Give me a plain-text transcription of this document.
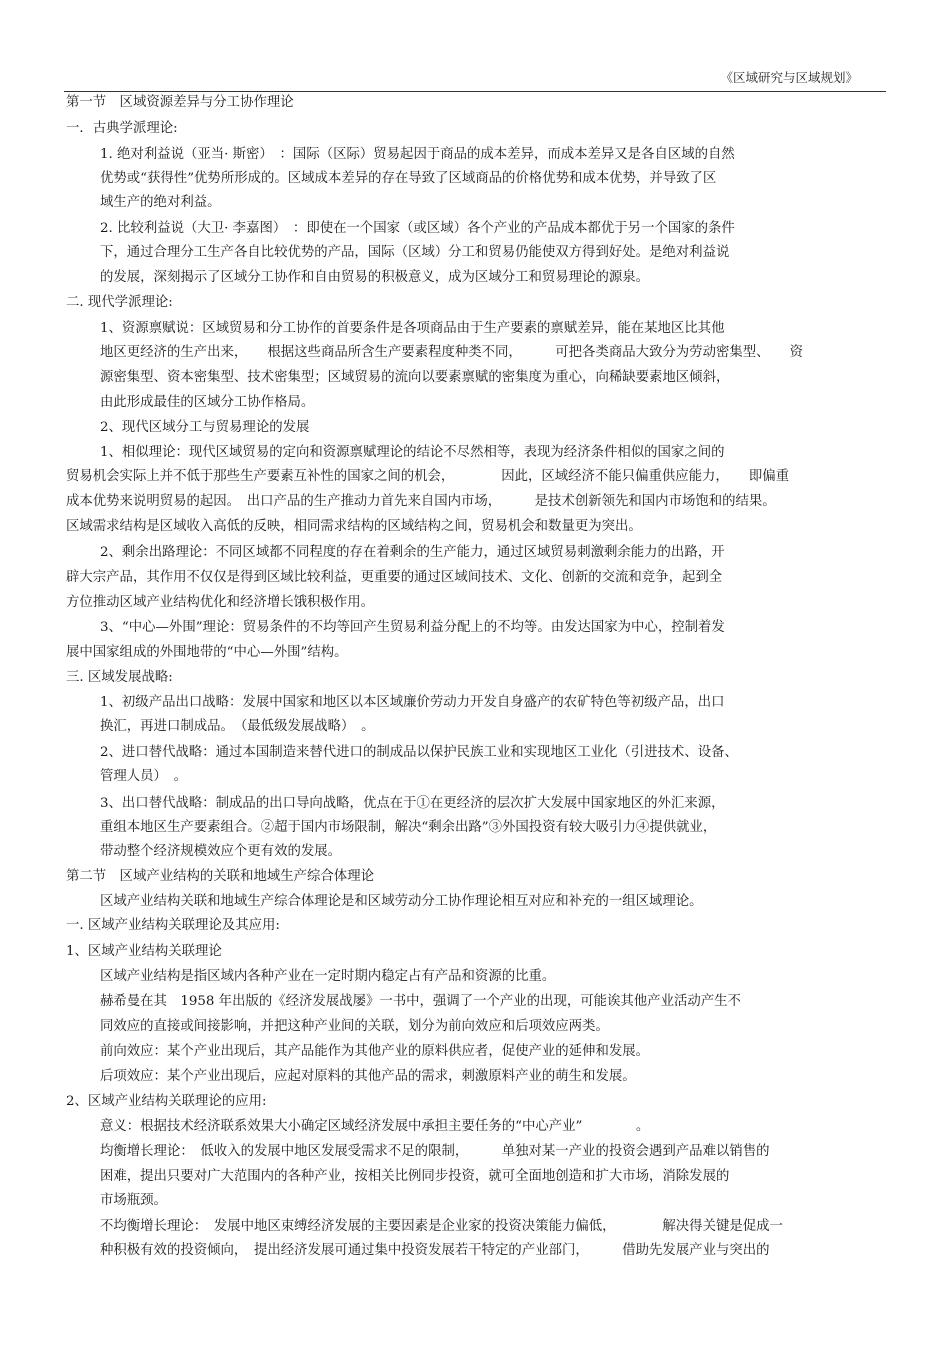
《区域研究与区域规划》
第一节　区域资源差异与分工协作理论
一．古典学派理论:
1. 绝对利益说（亚当· 斯密）　：国际（区际）贸易起因于商品的成本差异，而成本差异又是各自区域的自然
优势或“获得性”优势所形成的。区域成本差异的存在导致了区域商品的价格优势和成本优势，并导致了区
域生产的绝对利益。
2. 比较利益说（大卫· 李嘉图）　：即使在一个国家（或区域）各个产业的产品成本都优于另一个国家的条件
下，通过合理分工生产各自比较优势的产品，国际（区域）分工和贸易仍能使双方得到好处。是绝对利益说
的发展，深刻揭示了区域分工协作和自由贸易的积极意义，成为区域分工和贸易理论的源泉。
二. 现代学派理论:
1、资源禀赋说：区域贸易和分工协作的首要条件是各项商品由于生产要素的禀赋差异，能在某地区比其他
地区更经济的生产出来，　　根据这些商品所含生产要素程度种类不同，　　　可把各类商品大致分为劳动密集型、　　资
源密集型、资本密集型、技术密集型；区域贸易的流向以要素禀赋的密集度为重心，向稀缺要素地区倾斜，
由此形成最佳的区域分工协作格局。
2、现代区域分工与贸易理论的发展
1、相似理论：现代区域贸易的定向和资源禀赋理论的结论不尽然相等，表现为经济条件相似的国家之间的
贸易机会实际上并不低于那些生产要素互补性的国家之间的机会，　　　　因此，区域经济不能只偏重供应能力，　　即偏重
成本优势来说明贸易的起因。　出口产品的生产推动力首先来自国内市场，　　　是技术创新领先和国内市场饱和的结果。
区域需求结构是区域收入高低的反映，相同需求结构的区域结构之间，贸易机会和数量更为突出。
2、剩余出路理论：不同区域都不同程度的存在着剩余的生产能力，通过区域贸易刺激剩余能力的出路，开
辟大宗产品，其作用不仅仅是得到区域比较利益，更重要的通过区域间技术、文化、创新的交流和竞争，起到全
方位推动区域产业结构优化和经济增长饿积极作用。
3、“中心—外围”理论：贸易条件的不均等回产生贸易利益分配上的不均等。由发达国家为中心，控制着发
展中国家组成的外围地带的“中心—外围”结构。
三. 区域发展战略:
1、初级产品出口战略：发展中国家和地区以本区域廉价劳动力开发自身盛产的农矿特色等初级产品，出口
换汇，再进口制成品。　（最低级发展战略）　。
2、进口替代战略：通过本国制造来替代进口的制成品以保护民族工业和实现地区工业化（引进技术、设备、
管理人员）　。
3、出口替代战略：制成品的出口导向战略，优点在于①在更经济的层次扩大发展中国家地区的外汇来源，
重组本地区生产要素组合。②超于国内市场限制，解决“剩余出路”③外国投资有较大吸引力④提供就业，
带动整个经济规模效应个更有效的发展。
第二节　区域产业结构的关联和地域生产综合体理论
区域产业结构关联和地域生产综合体理论是和区域劳动分工协作理论相互对应和补充的一组区域理论。
一. 区域产业结构关联理论及其应用:
1、区域产业结构关联理论
区域产业结构是指区域内各种产业在一定时期内稳定占有产品和资源的比重。
赫希曼在其　1958 年出版的《经济发展战屡》一书中，强调了一个产业的出现，可能诶其他产业活动产生不
同效应的直接或间接影响，并把这种产业间的关联，划分为前向效应和后项效应两类。
前向效应：某个产业出现后，其产品能作为其他产业的原料供应者，促使产业的延伸和发展。
后项效应：某个产业出现后，应起对原料的其他产品的需求，刺激原料产业的萌生和发展。
2、区域产业结构关联理论的应用:
意义：根据技术经济联系效果大小确定区域经济发展中承担主要任务的“中心产业”　　　　。
均衡增长理论：　低收入的发展中地区发展受需求不足的限制，　　　单独对某一产业的投资会遇到产品难以销售的
困难，提出只要对广大范围内的各种产业，按相关比例同步投资，就可全面地创造和扩大市场，消除发展的
市场瓶颈。
不均衡增长理论：　发展中地区束缚经济发展的主要因素是企业家的投资决策能力偏低，　　　　解决得关键是促成一
种积极有效的投资倾向，　提出经济发展可通过集中投资发展若干特定的产业部门，　　　借助先发展产业与突出的
